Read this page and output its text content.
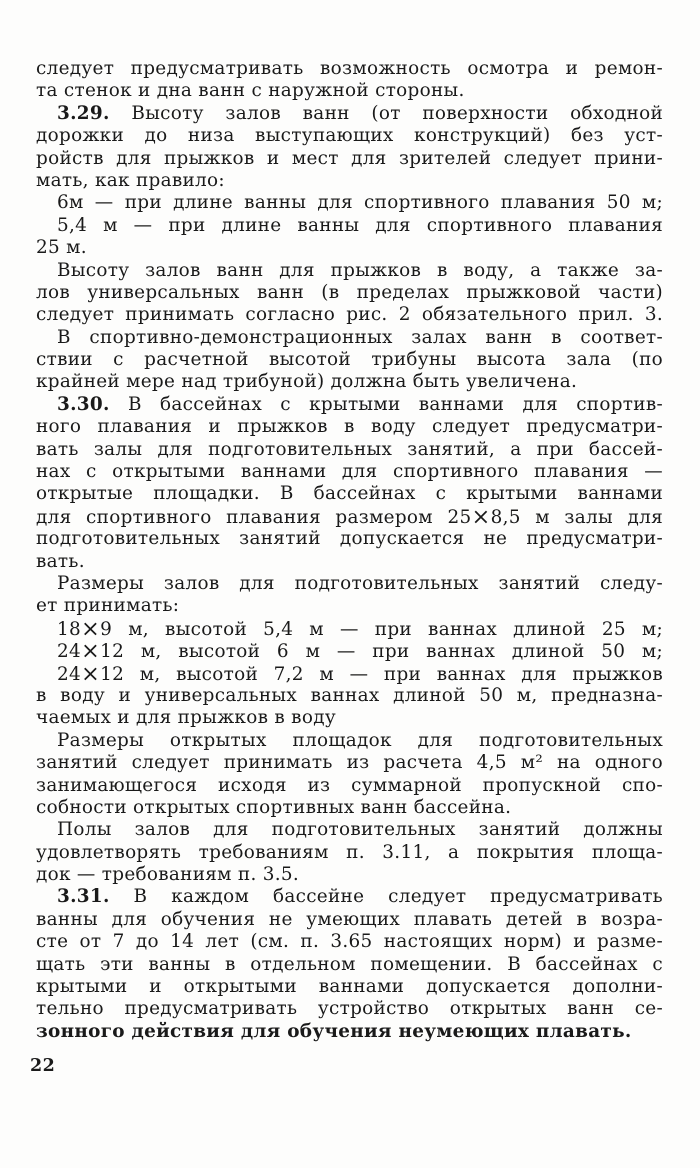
следует предусматривать возможность осмотра и ремон-
та стенок и дна ванн с наружной стороны.
3.29. Высоту залов ванн (от поверхности обходной
дорожки до низа выступающих конструкций) без уст-
ройств для прыжков и мест для зрителей следует прини-
мать, как правило:
6м — при длине ванны для спортивного плавания 50 м;
5,4 м — при длине ванны для спортивного плавания
25 м.
Высоту залов ванн для прыжков в воду, а также за-
лов универсальных ванн (в пределах прыжковой части)
следует принимать согласно рис. 2 обязательного прил. 3.
В спортивно-демонстрационных залах ванн в соответ-
ствии с расчетной высотой трибуны высота зала (по
крайней мере над трибуной) должна быть увеличена.
3.30. В бассейнах с крытыми ваннами для спортив-
ного плавания и прыжков в воду следует предусматри-
вать залы для подготовительных занятий, а при бассей-
нах с открытыми ваннами для спортивного плавания —
открытые площадки. В бассейнах с крытыми ваннами
для спортивного плавания размером 25×8,5 м залы для
подготовительных занятий допускается не предусматри-
вать.
Размеры залов для подготовительных занятий следу-
ет принимать:
18×9 м, высотой 5,4 м — при ваннах длиной 25 м;
24×12 м, высотой 6 м — при ваннах длиной 50 м;
24×12 м, высотой 7,2 м — при ваннах для прыжков
в воду и универсальных ваннах длиной 50 м, предназна-
чаемых и для прыжков в воду
Размеры открытых площадок для подготовительных
занятий следует принимать из расчета 4,5 м² на одного
занимающегося исходя из суммарной пропускной спо-
собности открытых спортивных ванн бассейна.
Полы залов для подготовительных занятий должны
удовлетворять требованиям п. 3.11, а покрытия площа-
док — требованиям п. 3.5.
3.31. В каждом бассейне следует предусматривать
ванны для обучения не умеющих плавать детей в возра-
сте от 7 до 14 лет (см. п. 3.65 настоящих норм) и разме-
щать эти ванны в отдельном помещении. В бассейнах с
крытыми и открытыми ваннами допускается дополни-
тельно предусматривать устройство открытых ванн се-
зонного действия для обучения неумеющих плавать.
22
